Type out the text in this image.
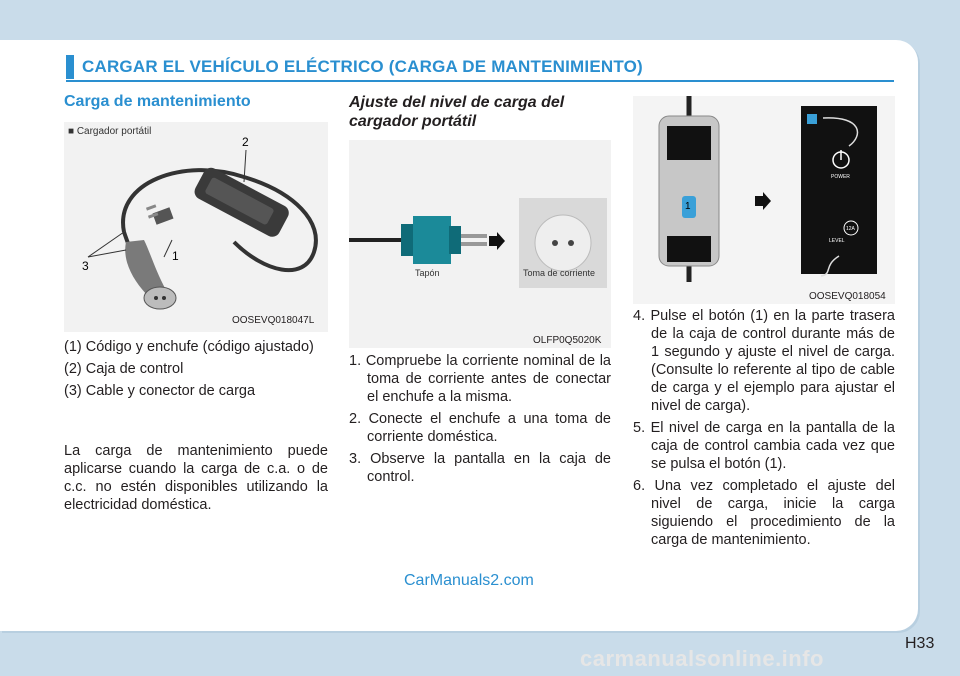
CARGAR EL VEHÍCULO ELÉCTRICO (CARGA DE MANTENIMIENTO)
Carga de mantenimiento
■ Cargador portátil
2
3
1
OOSEVQ018047L

(1) Código y enchufe (código ajustado)

(2) Caja de control

(3) Cable y conector de carga

La carga de mantenimiento puede aplicarse cuando la carga de c.a. o de c.c. no estén disponibles utilizando la electricidad doméstica.
Ajuste del nivel de carga del cargador portátil
Tapón	Toma de corriente
OLFP0Q5020K

1. Compruebe la corriente nominal de la toma de corriente antes de conectar el enchufe a la misma.

2. Conecte el enchufe a una toma de corriente doméstica.

3. Observe la pantalla en la caja de control.

1
POWER
12A
LEVEL
OOSEVQ018054

4. Pulse el botón (1) en la parte trasera de la caja de control durante más de 1 segundo y ajuste el nivel de carga. (Consulte lo referente al tipo de cable de carga y el ejemplo para ajustar el nivel de carga).

5. El nivel de carga en la pantalla de la caja de control cambia cada vez que se pulsa el botón (1).

6. Una vez completado el ajuste del nivel de carga, inicie la carga siguiendo el procedimiento de la carga de mantenimiento.

CarManuals2.com
H33
carmanualsonline.info
